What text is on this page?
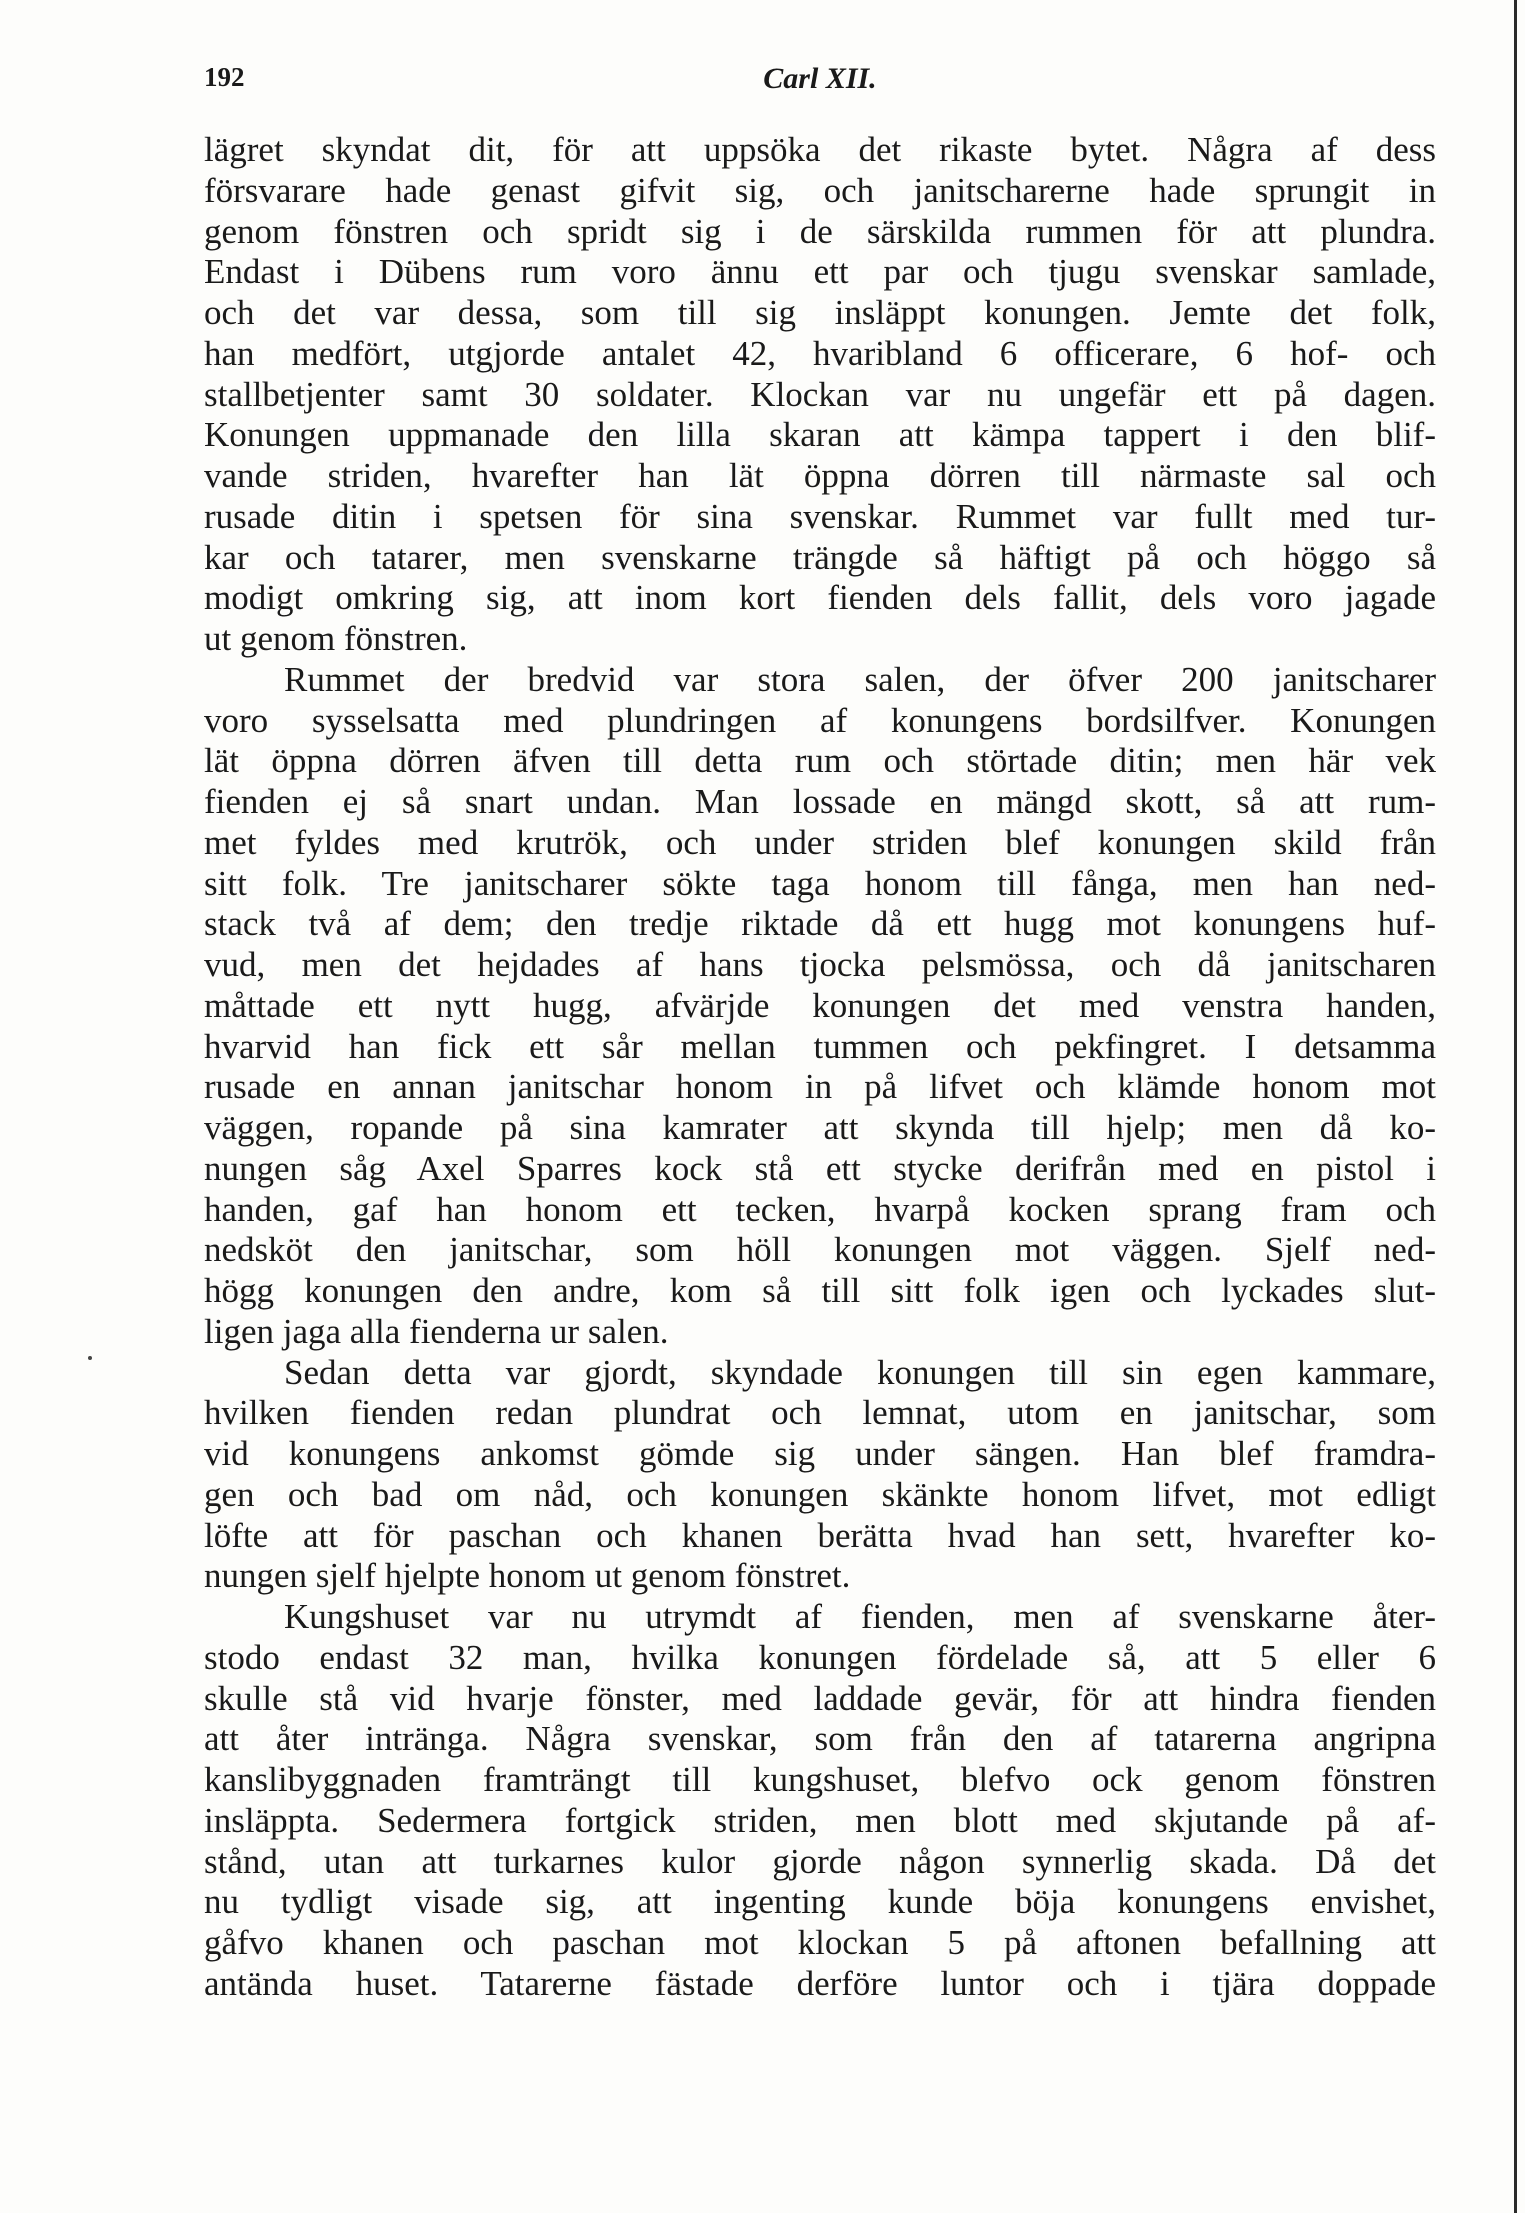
192	Carl XII.
lägret skyndat dit, för att uppsöka det rikaste bytet. Några af dess
försvarare hade genast gifvit sig, och janitscharerne hade sprungit in
genom fönstren och spridt sig i de särskilda rummen för att plundra.
Endast i Dübens rum voro ännu ett par och tjugu svenskar samlade,
och det var dessa, som till sig insläppt konungen. Jemte det folk,
han medfört, utgjorde antalet 42, hvaribland 6 officerare, 6 hof- och
stallbetjenter samt 30 soldater. Klockan var nu ungefär ett på dagen.
Konungen uppmanade den lilla skaran att kämpa tappert i den blif-
vande striden, hvarefter han lät öppna dörren till närmaste sal och
rusade ditin i spetsen för sina svenskar. Rummet var fullt med tur-
kar och tatarer, men svenskarne trängde så häftigt på och höggo så
modigt omkring sig, att inom kort fienden dels fallit, dels voro jagade
ut genom fönstren.
Rummet der bredvid var stora salen, der öfver 200 janitscharer
voro sysselsatta med plundringen af konungens bordsilfver. Konungen
lät öppna dörren äfven till detta rum och störtade ditin; men här vek
fienden ej så snart undan. Man lossade en mängd skott, så att rum-
met fyldes med krutrök, och under striden blef konungen skild från
sitt folk. Tre janitscharer sökte taga honom till fånga, men han ned-
stack två af dem; den tredje riktade då ett hugg mot konungens huf-
vud, men det hejdades af hans tjocka pelsmössa, och då janitscharen
måttade ett nytt hugg, afvärjde konungen det med venstra handen,
hvarvid han fick ett sår mellan tummen och pekfingret. I detsamma
rusade en annan janitschar honom in på lifvet och klämde honom mot
väggen, ropande på sina kamrater att skynda till hjelp; men då ko-
nungen såg Axel Sparres kock stå ett stycke derifrån med en pistol i
handen, gaf han honom ett tecken, hvarpå kocken sprang fram och
nedsköt den janitschar, som höll konungen mot väggen. Sjelf ned-
högg konungen den andre, kom så till sitt folk igen och lyckades slut-
ligen jaga alla fienderna ur salen.
Sedan detta var gjordt, skyndade konungen till sin egen kammare,
hvilken fienden redan plundrat och lemnat, utom en janitschar, som
vid konungens ankomst gömde sig under sängen. Han blef framdra-
gen och bad om nåd, och konungen skänkte honom lifvet, mot edligt
löfte att för paschan och khanen berätta hvad han sett, hvarefter ko-
nungen sjelf hjelpte honom ut genom fönstret.
Kungshuset var nu utrymdt af fienden, men af svenskarne åter-
stodo endast 32 man, hvilka konungen fördelade så, att 5 eller 6
skulle stå vid hvarje fönster, med laddade gevär, för att hindra fienden
att åter inträngа. Några svenskar, som från den af tatarerna angripna
kanslibyggnaden framträngt till kungshuset, blefvo ock genom fönstren
insläppta. Sedermera fortgick striden, men blott med skjutande på af-
stånd, utan att turkarnes kulor gjorde någon synnerlig skada. Då det
nu tydligt visade sig, att ingenting kunde böja konungens envishet,
gåfvo khanen och paschan mot klockan 5 på aftonen befallning att
antända huset. Tatarerne fästade derföre luntor och i tjära doppade
